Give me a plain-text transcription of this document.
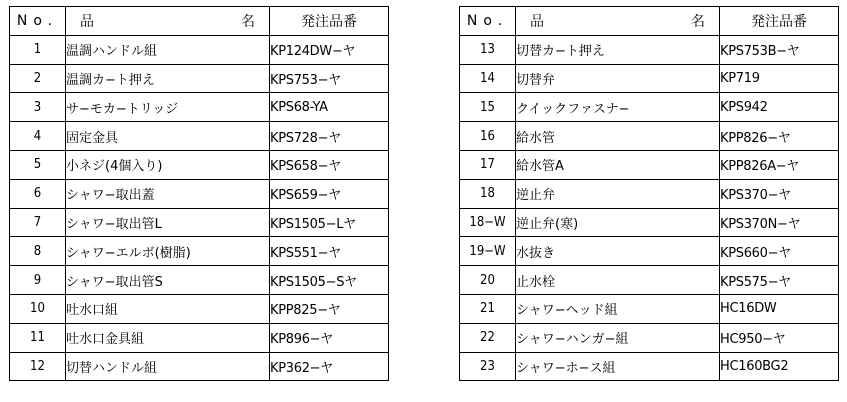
No.	品 名	発注品番
1	温調ハンドル組	KP124DW−ヤ
2	温調カ−ト押え	KPS753−ヤ
3	サ−モカ−トリッジ	KPS68-YA
4	固定金具	KPS728−ヤ
5	小ネジ(4個入り)	KPS658−ヤ
6	シャワ−取出蓋	KPS659−ヤ
7	シャワ−取出管L	KPS1505−Lヤ
8	シャワ−エルボ(樹脂)	KPS551−ヤ
9	シャワ−取出管S	KPS1505−Sヤ
10	吐水口組	KPP825−ヤ
11	吐水口金具組	KP896−ヤ
12	切替ハンドル組	KP362−ヤ
No.	品 名	発注品番
13	切替カ−ト押え	KPS753B−ヤ
14	切替弁	KP719
15	クイックファスナ−	KPS942
16	給水管	KPP826−ヤ
17	給水管A	KPP826A−ヤ
18	逆止弁	KPS370−ヤ
18−W	逆止弁(寒)	KPS370N−ヤ
19−W	水抜き	KPS660−ヤ
20	止水栓	KPS575−ヤ
21	シャワ−ヘッド組	HC16DW
22	シャワ−ハンガ−組	HC950−ヤ
23	シャワ−ホ−ス組	HC160BG2
